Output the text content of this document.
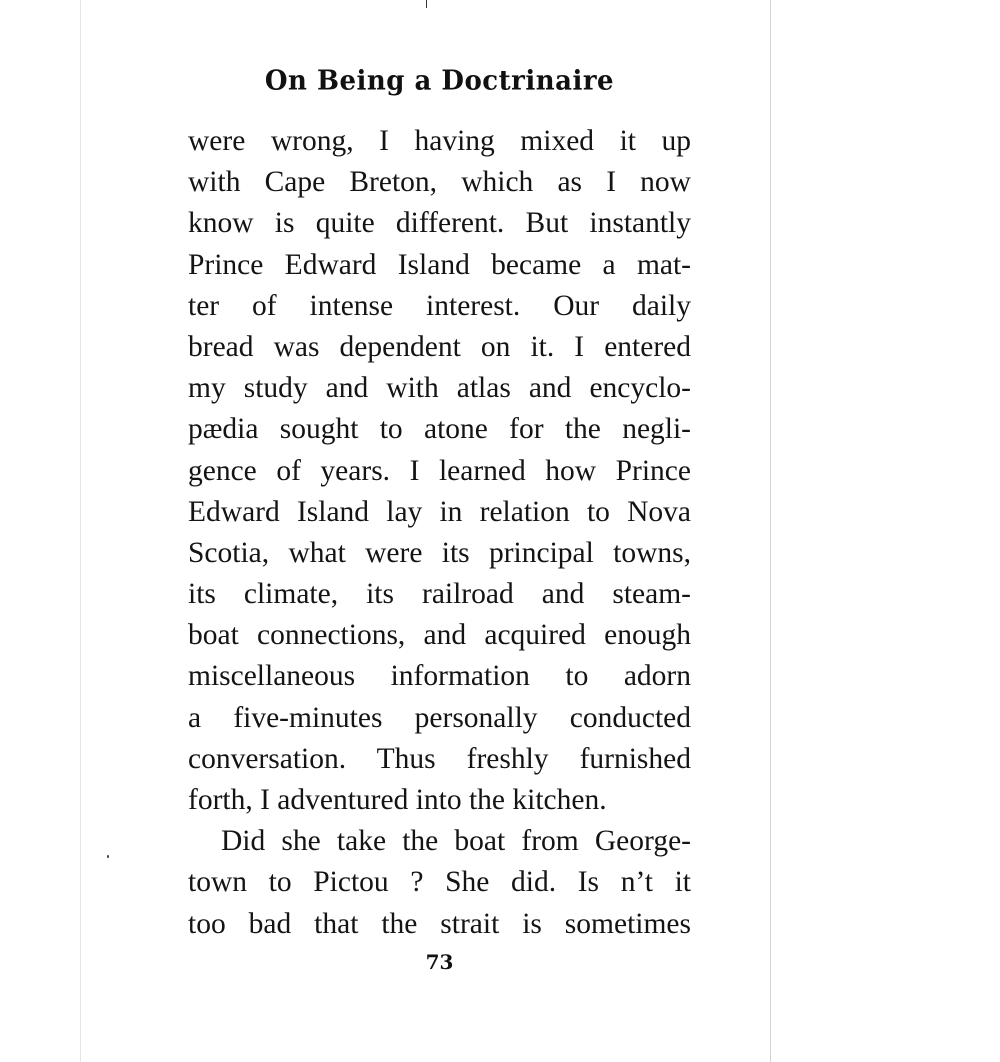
On Being a Doctrinaire
were wrong, I having mixed it up
with Cape Breton, which as I now
know is quite different. But instantly
Prince Edward Island became a mat-
ter of intense interest. Our daily
bread was dependent on it. I entered
my study and with atlas and encyclo-
pædia sought to atone for the negli-
gence of years. I learned how Prince
Edward Island lay in relation to Nova
Scotia, what were its principal towns,
its climate, its railroad and steam-
boat connections, and acquired enough
miscellaneous information to adorn
a five-minutes personally conducted
conversation. Thus freshly furnished
forth, I adventured into the kitchen.
Did she take the boat from George-
town to Pictou ? She did. Is n’t it
too bad that the strait is sometimes
73
